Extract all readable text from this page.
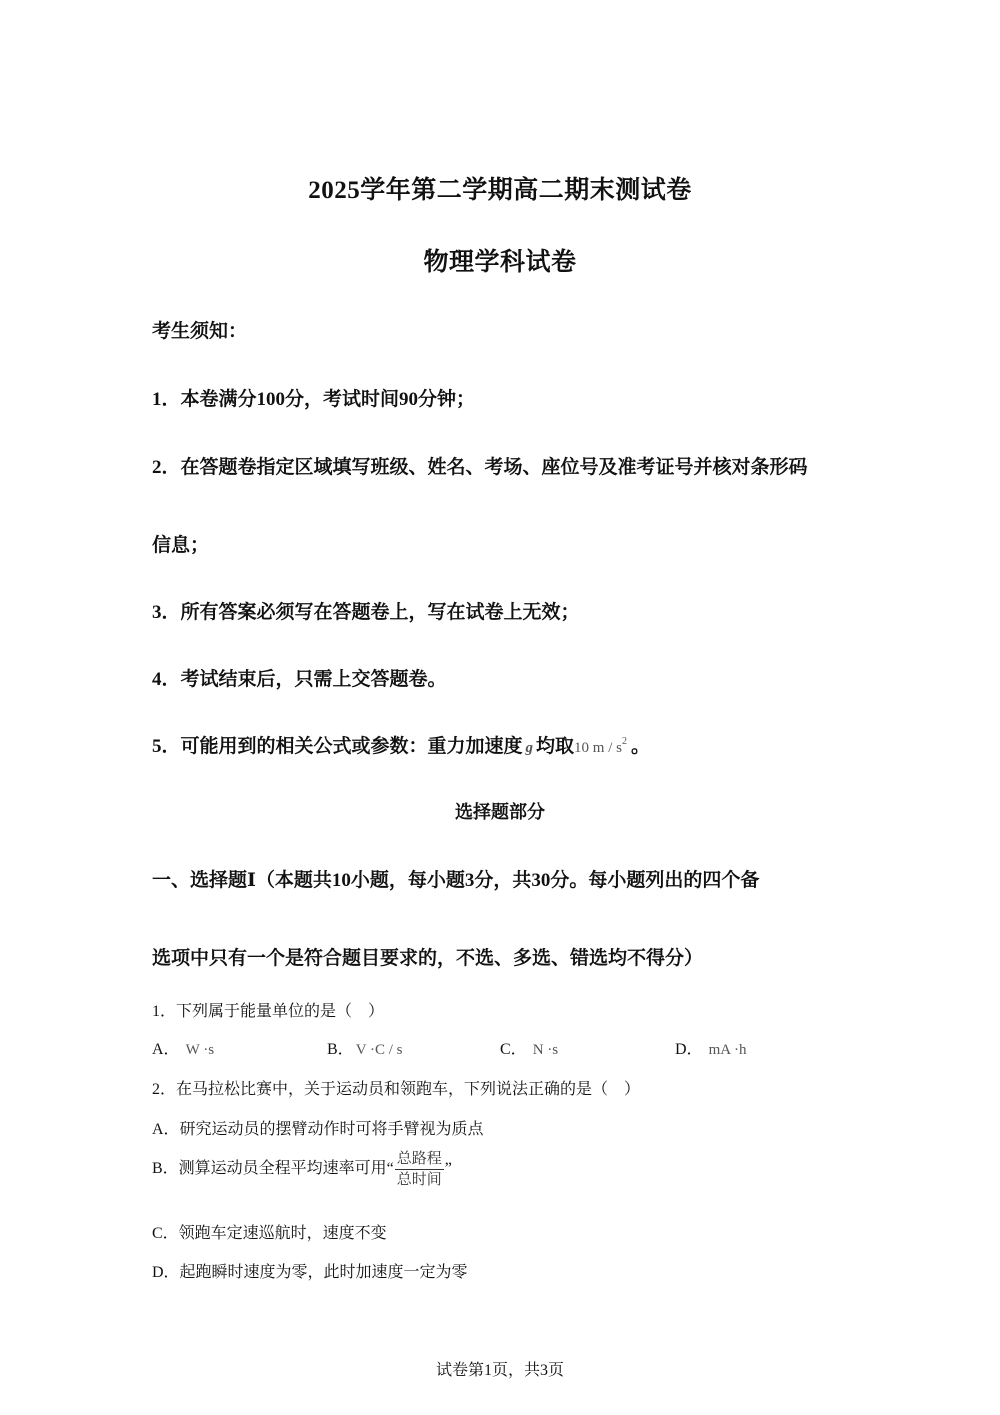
2025学年第二学期高二期末测试卷
物理学科试卷
考生须知：
1．本卷满分100分，考试时间90分钟；
2．在答题卷指定区域填写班级、姓名、考场、座位号及准考证号并核对条形码
信息；
3．所有答案必须写在答题卷上，写在试卷上无效；
4．考试结束后，只需上交答题卷。
5．可能用到的相关公式或参数：重力加速度 g 均取10 m / $s^2$ 。
选择题部分
一、选择题Ⅰ（本题共10小题，每小题3分，共30分。每小题列出的四个备
选项中只有一个是符合题目要求的，不选、多选、错选均不得分）
1．下列属于能量单位的是（　）
A． W ·s	B． V ·C / s	C． N ·s	D． mA ·h
2．在马拉松比赛中，关于运动员和领跑车，下列说法正确的是（　）
A．研究运动员的摆臂动作时可将手臂视为质点
B．测算运动员全程平均速率可用“ $\frac{\text{总路程}}{\text{总时间}}$ ”
C．领跑车定速巡航时，速度不变
D．起跑瞬时速度为零，此时加速度一定为零
试卷第1页，共3页
